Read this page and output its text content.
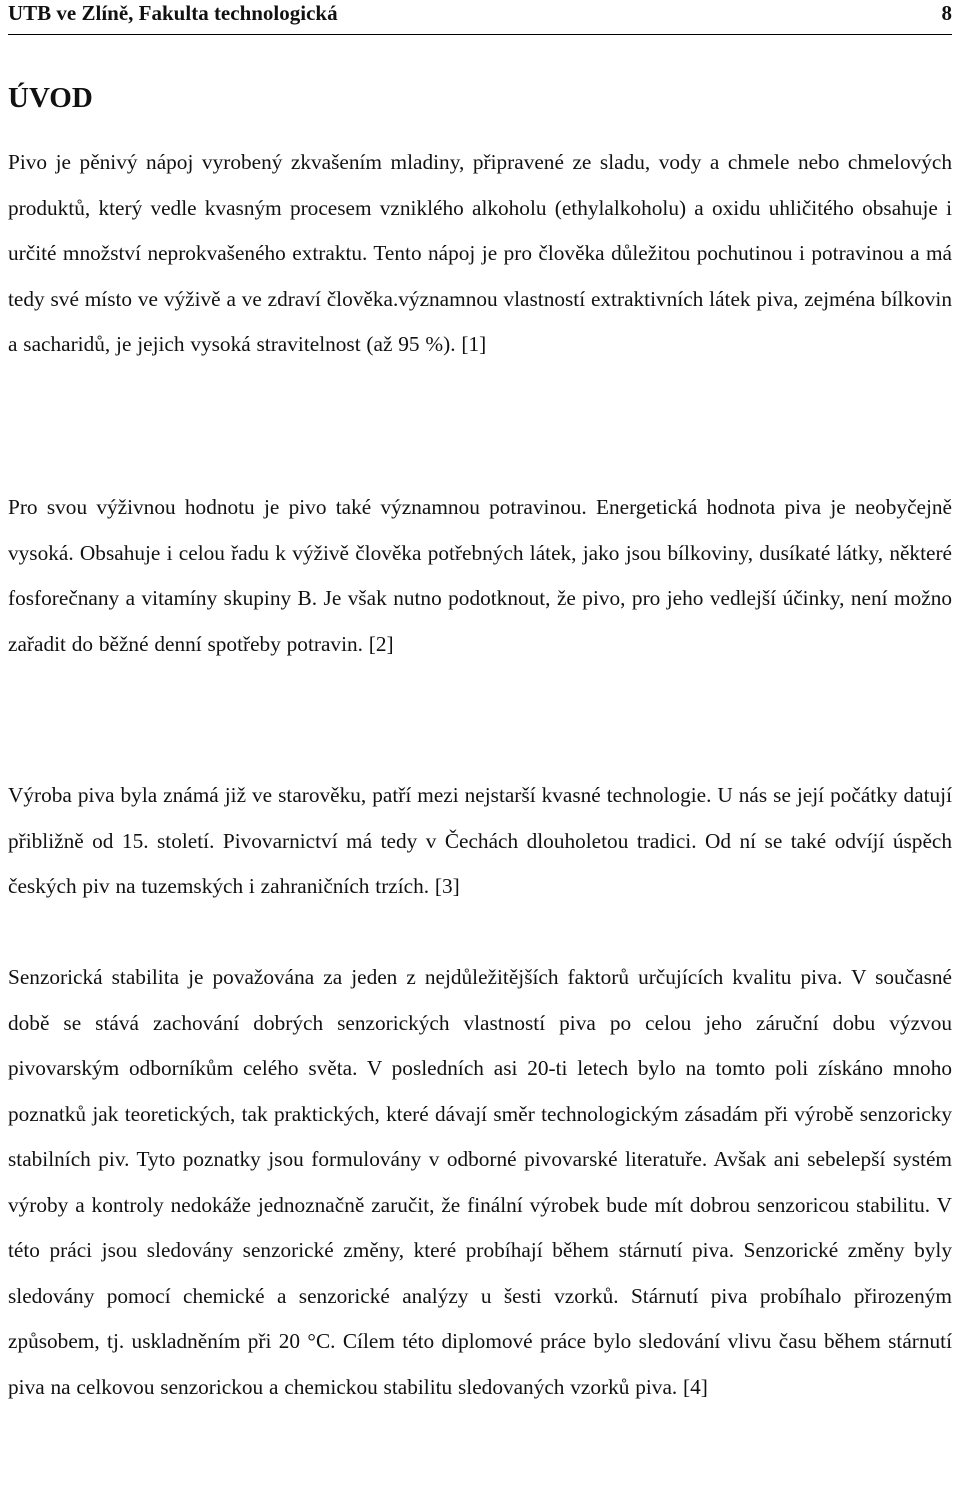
UTB ve Zlíně, Fakultа technologická	8
ÚVOD

Pivo je pěnivý nápoj vyrobený zkvašením mladiny, připravené ze sladu, vody a chmele nebo chmelových produktů, který vedle kvasným procesem vzniklého alkoholu (ethylalkoholu) a oxidu uhličitého obsahuje i určité množství neprokvašeného extraktu. Tento nápoj je pro člověka důležitou pochutinou i potravinou a má tedy své místo ve výživě a ve zdraví člověka.významnou vlastností extraktivních látek piva, zejména bílkovin a sacharidů, je jejich vysoká stravitelnost (až 95 %). [1]

Pro svou výživnou hodnotu je pivo také významnou potravinou. Energetická hodnota piva je neobyčejně vysoká. Obsahuje i celou řadu k výživě člověka potřebných látek, jako jsou bílkoviny, dusíkaté látky, některé fosforečnany a vitamíny skupiny B. Je však nutno podotknout, že pivo, pro jeho vedlejší účinky, není možno zařadit do běžné denní spotřeby potravin. [2]

Výroba piva byla známá již ve starověku, patří mezi nejstarší kvasné technologie. U nás se její počátky datují přibližně od 15. století. Pivovarnictví má tedy v Čechách dlouholetou tradici. Od ní se také odvíjí úspěch českých piv na tuzemských i zahraničních trzích. [3]

Senzorická stabilita je považována za jeden z nejdůležitějších faktorů určujících kvalitu piva. V současné době se stává zachování dobrých senzorických vlastností piva po celou jeho záruční dobu výzvou pivovarským odborníkům celého světa. V posledních asi 20-ti letech bylo na tomto poli získáno mnoho poznatků jak teoretických, tak praktických, které dávají směr technologickým zásadám při výrobě senzoricky stabilních piv. Tyto poznatky jsou formulovány v odborné pivovarské literatuře. Avšak ani sebelepší systém výroby a kontroly nedokáže jednoznačně zaručit, že finální výrobek bude mít dobrou senzoricou stabilitu. V této práci jsou sledovány senzorické změny, které probíhají během stárnutí piva. Senzorické změny byly sledovány pomocí chemické a senzorické analýzy u šesti vzorků. Stárnutí piva probíhalo přirozeným způsobem, tj. uskladněním při 20 °C. Cílem této diplomové práce bylo sledování vlivu času během stárnutí piva na celkovou senzorickou a chemickou stabilitu sledovaných vzorků piva. [4]
